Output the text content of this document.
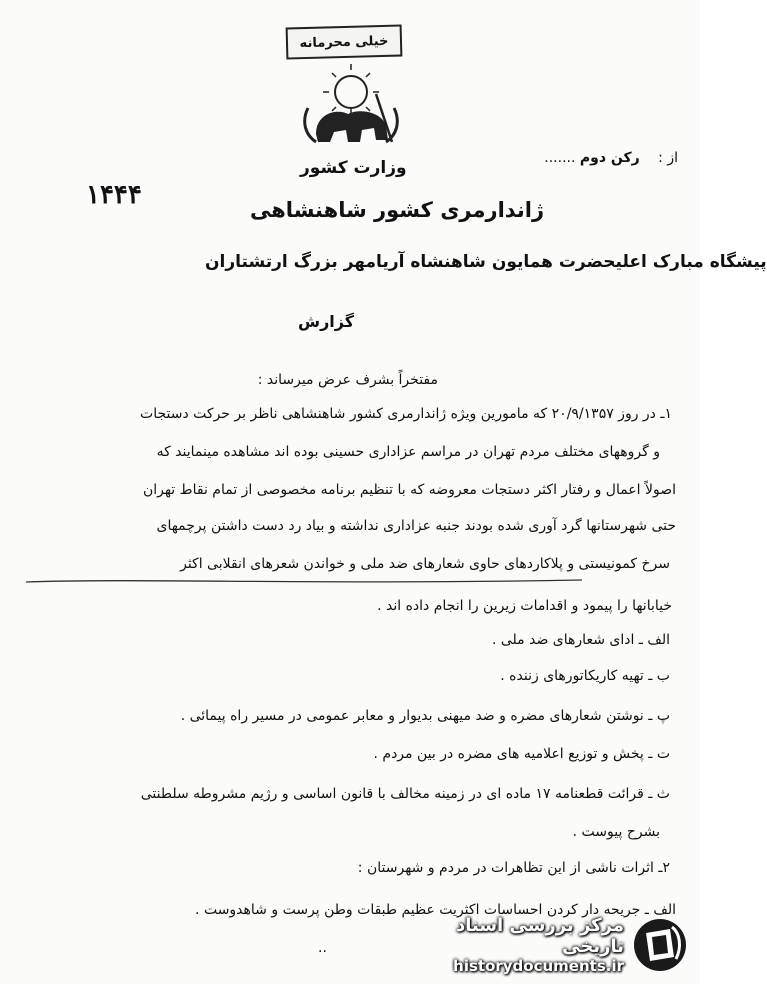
خیلی محرمانه
از : رکن دوم .......
وزارت کشور
۱۴۴۴	ژاندارمری کشور شاهنشاهی
پیشگاه مبارک اعلیحضرت همایون شاهنشاه آریامهر بزرگ ارتشتاران
گزارش
مفتخراً بشرف عرض میرساند :
۱ـ در روز ۲۰/۹/۱۳۵۷ که مامورین ویژه ژاندارمری کشور شاهنشاهی ناظر بر حرکت دستجات
و گروههای مختلف مردم تهران در مراسم عزاداری حسینی بوده اند مشاهده مینمایند که
اصولاً اعمال و رفتار اکثر دستجات معروضه که با تنظیم برنامه مخصوصی از تمام نقاط تهران
حتی شهرستانها گرد آوری شده بودند جنبه عزاداری نداشته و بیاد رد دست داشتن پرچمهای
سرخ کمونیستی و پلاکاردهای حاوی شعارهای ضد ملی و خواندن شعرهای انقلابی اکثر
خیابانها را پیمود و اقدامات زیرین را انجام داده اند .
الف ـ ادای شعارهای ضد ملی .
ب ـ تهیه کاریکاتورهای زننده .
پ ـ نوشتن شعارهای مضره و ضد میهنی بدیوار و معابر عمومی در مسیر راه پیمائی .
ت ـ پخش و توزیع اعلامیه های مضره در بین مردم .
ث ـ قرائت قطعنامه ۱۷ ماده ای در زمینه مخالف با قانون اساسی و رژیم مشروطه سلطنتی
بشرح پیوست .
۲ـ اثرات ناشی از این تظاهرات در مردم و شهرستان :
الف ـ جریحه دار کردن احساسات اکثریت عظیم طبقات وطن پرست و شاهدوست .
..
مرکز بررسی اسناد تاریخی
historydocuments.ir
